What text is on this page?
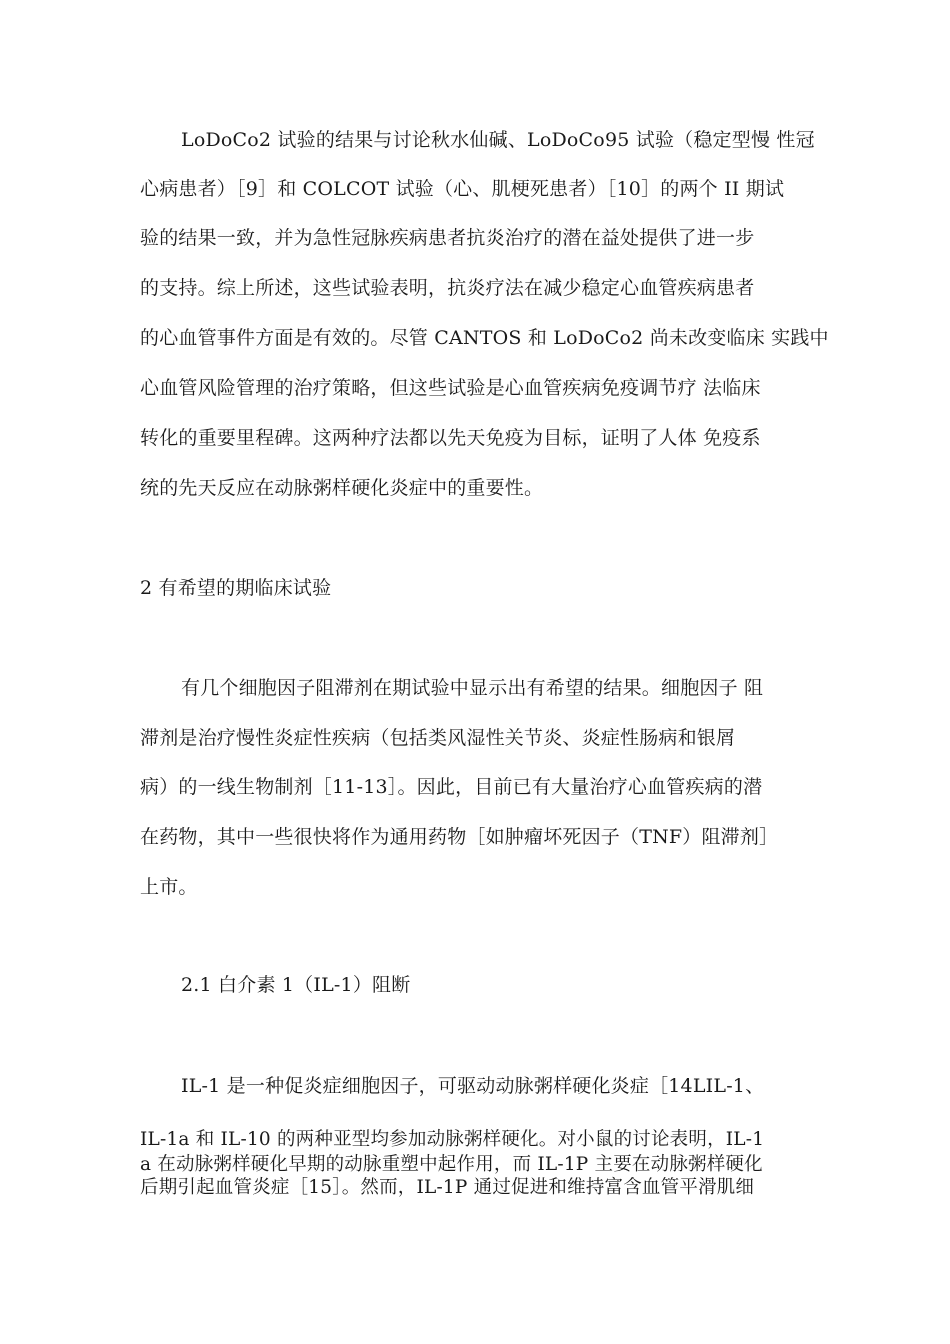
LoDoCo2 试验的结果与讨论秋水仙碱、LoDoCo95 试验（稳定型慢 性冠
心病患者）［9］和 COLCOT 试验（心、肌梗死患者）［10］的两个 II 期试
验的结果一致，并为急性冠脉疾病患者抗炎治疗的潜在益处提供了进一步
的支持。综上所述，这些试验表明，抗炎疗法在减少稳定心血管疾病患者
的心血管事件方面是有效的。尽管 CANTOS 和 LoDoCo2 尚未改变临床 实践中
心血管风险管理的治疗策略，但这些试验是心血管疾病免疫调节疗 法临床
转化的重要里程碑。这两种疗法都以先天免疫为目标，证明了人体 免疫系
统的先天反应在动脉粥样硬化炎症中的重要性。
2 有希望的期临床试验
有几个细胞因子阻滞剂在期试验中显示出有希望的结果。细胞因子 阻
滞剂是治疗慢性炎症性疾病（包括类风湿性关节炎、炎症性肠病和银屑
病）的一线生物制剂［11-13］。因此，目前已有大量治疗心血管疾病的潜
在药物，其中一些很快将作为通用药物［如肿瘤坏死因子（TNF）阻滞剂］
上市。
2.1 白介素 1（IL-1）阻断
IL-1 是一种促炎症细胞因子，可驱动动脉粥样硬化炎症［14LIL-1、
IL-1a 和 IL-10 的两种亚型均参加动脉粥样硬化。对小鼠的讨论表明，IL-1
a 在动脉粥样硬化早期的动脉重塑中起作用，而 IL-1P 主要在动脉粥样硬化
后期引起血管炎症［15］。然而，IL-1P 通过促进和维持富含血管平滑肌细
